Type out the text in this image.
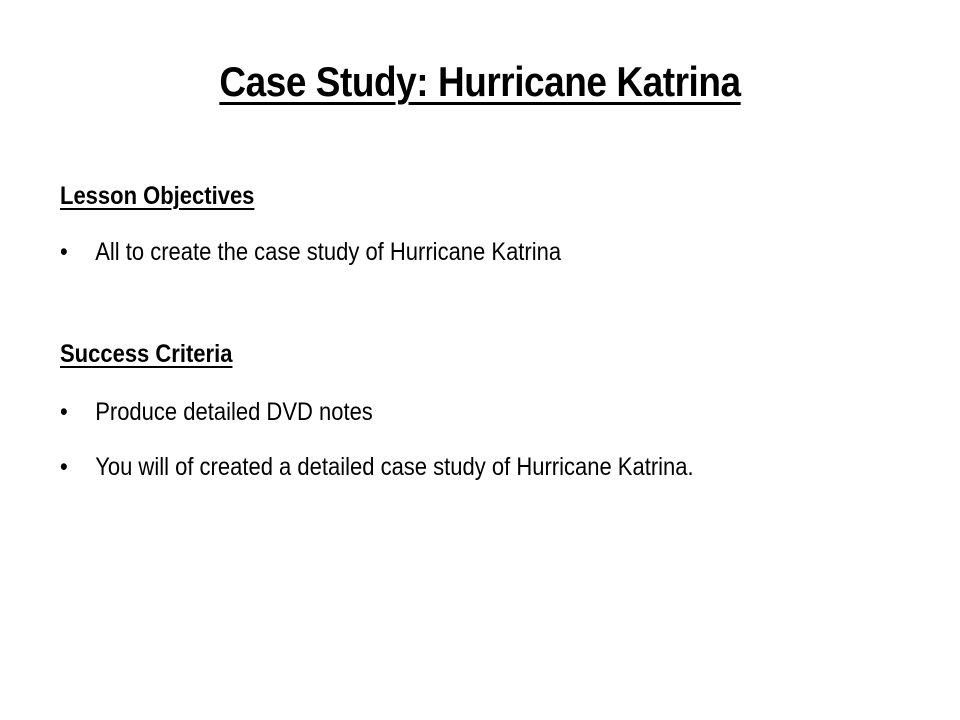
Case Study: Hurricane Katrina
Lesson Objectives
•	All to create the case study of Hurricane Katrina
Success Criteria
•	Produce detailed DVD notes
•	You will of created a detailed case study of Hurricane Katrina.
